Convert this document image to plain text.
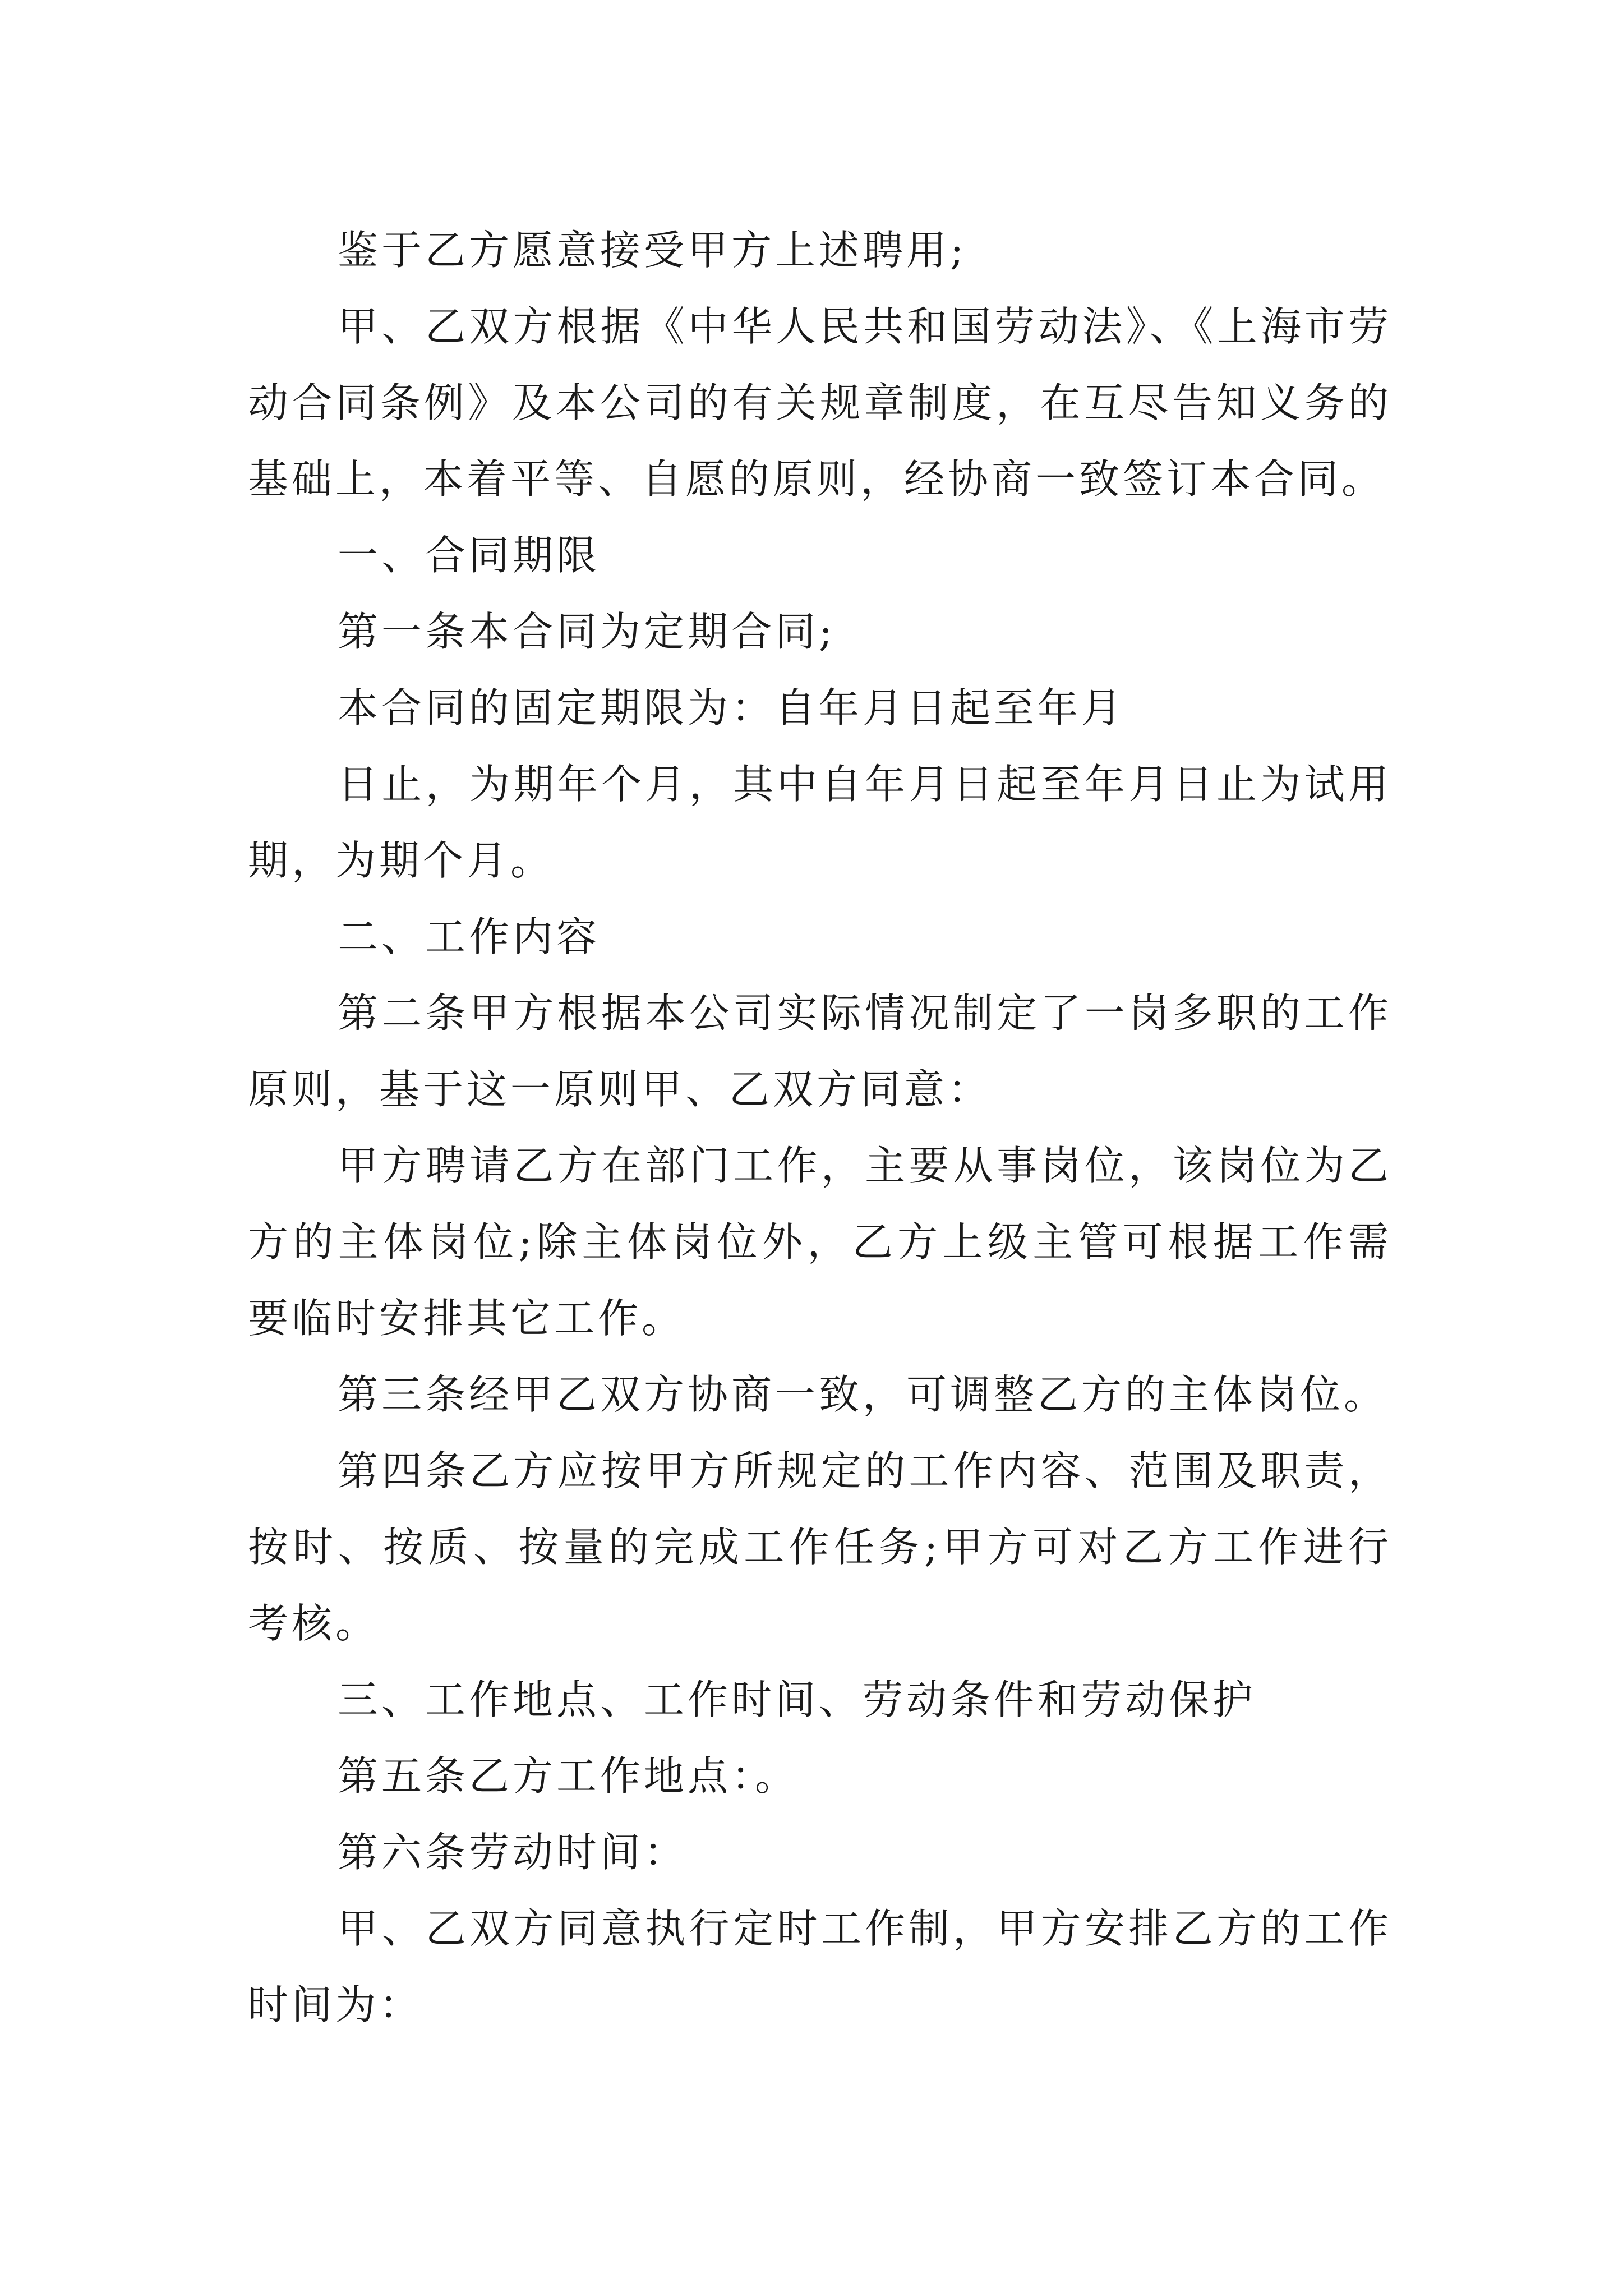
鉴于乙方愿意接受甲方上述聘用;

甲、乙双方根据《中华人民共和国劳动法》、《上海市劳动合同条例》及本公司的有关规章制度，在互尽告知义务的基础上，本着平等、自愿的原则，经协商一致签订本合同。

一、合同期限

第一条本合同为定期合同;

本合同的固定期限为：自年月日起至年月

日止，为期年个月，其中自年月日起至年月日止为试用期，为期个月。

二、工作内容

第二条甲方根据本公司实际情况制定了一岗多职的工作原则，基于这一原则甲、乙双方同意：

甲方聘请乙方在部门工作，主要从事岗位，该岗位为乙方的主体岗位;除主体岗位外，乙方上级主管可根据工作需要临时安排其它工作。

第三条经甲乙双方协商一致，可调整乙方的主体岗位。

第四条乙方应按甲方所规定的工作内容、范围及职责，按时、按质、按量的完成工作任务;甲方可对乙方工作进行考核。

三、工作地点、工作时间、劳动条件和劳动保护

第五条乙方工作地点：。

第六条劳动时间：

甲、乙双方同意执行定时工作制，甲方安排乙方的工作时间为：
